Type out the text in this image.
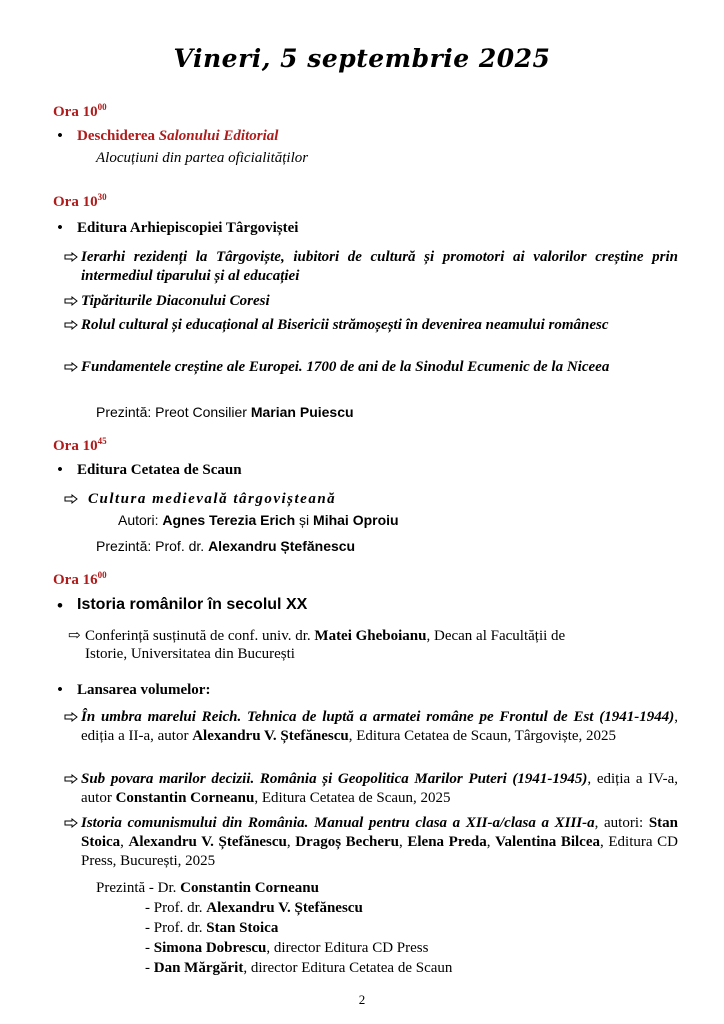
Vineri, 5 septembrie 2025
Ora $10^{00}$
• Deschiderea Salonului Editorial
Alocuțiuni din partea oficialităților
Ora $10^{30}$
• Editura Arhiepiscopiei Târgoviștei
Ierarhi rezidenți la Târgoviște, iubitori de cultură și promotori ai valorilor creștine prin intermediul tiparului și al educației
Tipăriturile Diaconului Coresi
Rolul cultural și educațional al Bisericii strămoșești în devenirea neamului românesc
Fundamentele creștine ale Europei. 1700 de ani de la Sinodul Ecumenic de la Niceea
Prezintă: Preot Consilier Marian Puiescu
Ora $10^{45}$
• Editura Cetatea de Scaun
Cultura medievală târgovișteană
Autori: Agnes Terezia Erich și Mihai Oproiu
Prezintă: Prof. dr. Alexandru Ștefănescu
Ora $16^{00}$
• Istoria românilor în secolul XX
⇨ Conferință susținută de conf. univ. dr. Matei Gheboianu, Decan al Facultății de
Istorie, Universitatea din București
• Lansarea volumelor:
În umbra marelui Reich. Tehnica de luptă a armatei române pe Frontul de Est (1941-1944), ediția a II-a, autor Alexandru V. Ștefănescu, Editura Cetatea de Scaun, Târgoviște, 2025
Sub povara marilor decizii. România și Geopolitica Marilor Puteri (1941-1945), ediția a IV-a, autor Constantin Corneanu, Editura Cetatea de Scaun, 2025
Istoria comunismului din România. Manual pentru clasa a XII-a/clasa a XIII-a, autori: Stan Stoica, Alexandru V. Ștefănescu, Dragoș Becheru, Elena Preda, Valentina Bilcea, Editura CD Press, București, 2025
Prezintă - Dr. Constantin Corneanu
- Prof. dr. Alexandru V. Ștefănescu
- Prof. dr. Stan Stoica
- Simona Dobrescu, director Editura CD Press
- Dan Mărgărit, director Editura Cetatea de Scaun
2
